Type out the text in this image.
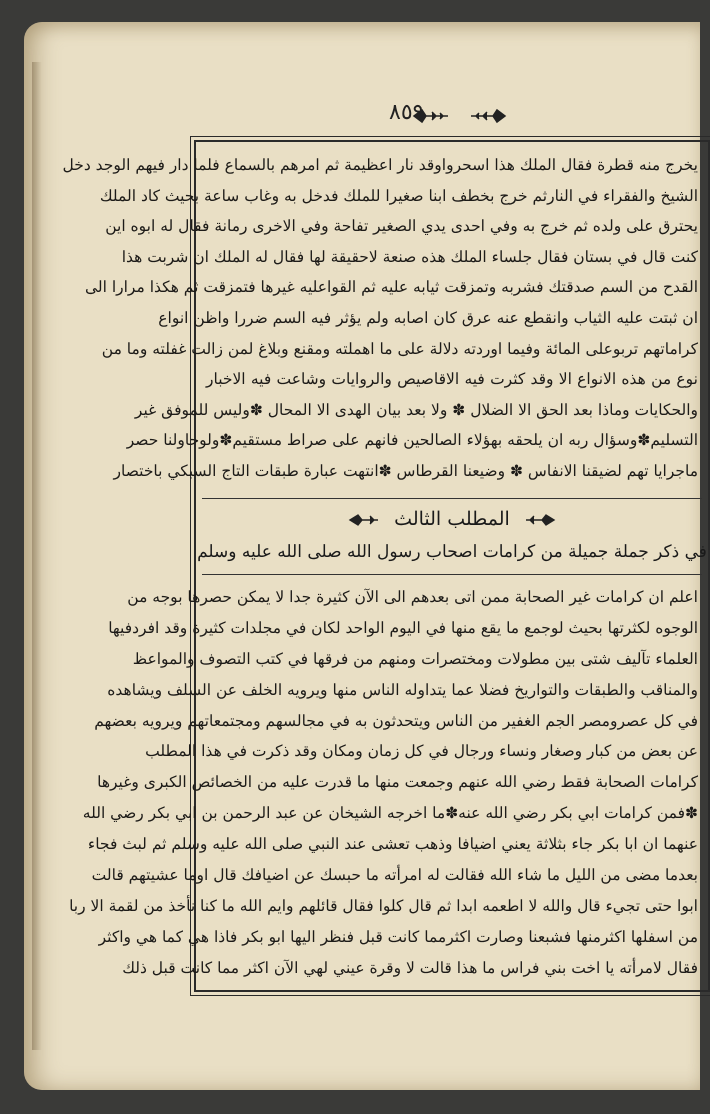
٨٥٩
يخرج منه قطرة فقال الملك هذا اسحرواوقد نار اعظيمة ثم امرهم بالسماع فلما دار فيهم الوجد دخل
الشيخ والفقراء في النارثم خرج بخطف ابنا صغيرا للملك فدخل به وغاب ساعة بحيث كاد الملك
يحترق على ولده ثم خرج به وفي احدى يدي الصغير تفاحة وفي الاخرى رمانة فقال له ابوه اين
كنت قال في بستان فقال جلساء الملك هذه صنعة لاحقيقة لها فقال له الملك ان شربت هذا
القدح من السم صدقتك فشربه وتمزقت ثيابه عليه ثم القواعليه غيرها فتمزقت ثم هكذا مرارا الى
ان ثبتت عليه الثياب وانقطع عنه عرق كان اصابه ولم يؤثر فيه السم ضررا واظن انواع
كراماتهم تربوعلى المائة وفيما اوردته دلالة على ما اهملته ومقنع وبلاغ لمن زالت غفلته وما من
نوع من هذه الانواع الا وقد كثرت فيه الاقاصيص والروايات وشاعت فيه الاخبار
والحكايات وماذا بعد الحق الا الضلال ✽ ولا بعد بيان الهدى الا المحال ✽وليس للموفق غير
التسليم✽وسؤال ربه ان يلحقه بهؤلاء الصالحين فانهم على صراط مستقيم✽ولوحاولنا حصر
ماجرايا تهم لضيقنا الانفاس ✽ وضيعنا القرطاس ✽انتهت عبارة طبقات التاج السبكي باختصار
المطلب الثالث
في ذكر جملة جميلة من كرامات اصحاب رسول الله صلى الله عليه وسلم
اعلم ان كرامات غير الصحابة ممن اتى بعدهم الى الآن كثيرة جدا لا يمكن حصرها بوجه من
الوجوه لكثرتها بحيث لوجمع ما يقع منها في اليوم الواحد لكان في مجلدات كثيرة وقد افردفيها
العلماء تآليف شتى بين مطولات ومختصرات ومنهم من فرقها في كتب التصوف والمواعظ
والمناقب والطبقات والتواريخ فضلا عما يتداوله الناس منها ويرويه الخلف عن السلف ويشاهده
في كل عصرومصر الجم الغفير من الناس ويتحدثون به في مجالسهم ومجتمعاتهم ويرويه بعضهم
عن بعض من كبار وصغار ونساء ورجال في كل زمان ومكان وقد ذكرت في هذا المطلب
كرامات الصحابة فقط رضي الله عنهم وجمعت منها ما قدرت عليه من الخصائص الكبرى وغيرها
✽فمن كرامات ابي بكر رضي الله عنه✽ما اخرجه الشيخان عن عبد الرحمن بن ابي بكر رضي الله
عنهما ان ابا بكر جاء بثلاثة يعني اضيافا وذهب تعشى عند النبي صلى الله عليه وسلم ثم لبث فجاء
بعدما مضى من الليل ما شاء الله فقالت له امرأته ما حبسك عن اضيافك قال اوما عشيتهم قالت
ابوا حتى تجيء قال والله لا اطعمه ابدا ثم قال كلوا فقال قائلهم وايم الله ما كنا نأخذ من لقمة الا ربا
من اسفلها اكثرمنها فشبعنا وصارت اكثرمما كانت قبل فنظر اليها ابو بكر فاذا هي كما هي واكثر
فقال لامرأته يا اخت بني فراس ما هذا قالت لا وقرة عيني لهي الآن اكثر مما كانت قبل ذلك
